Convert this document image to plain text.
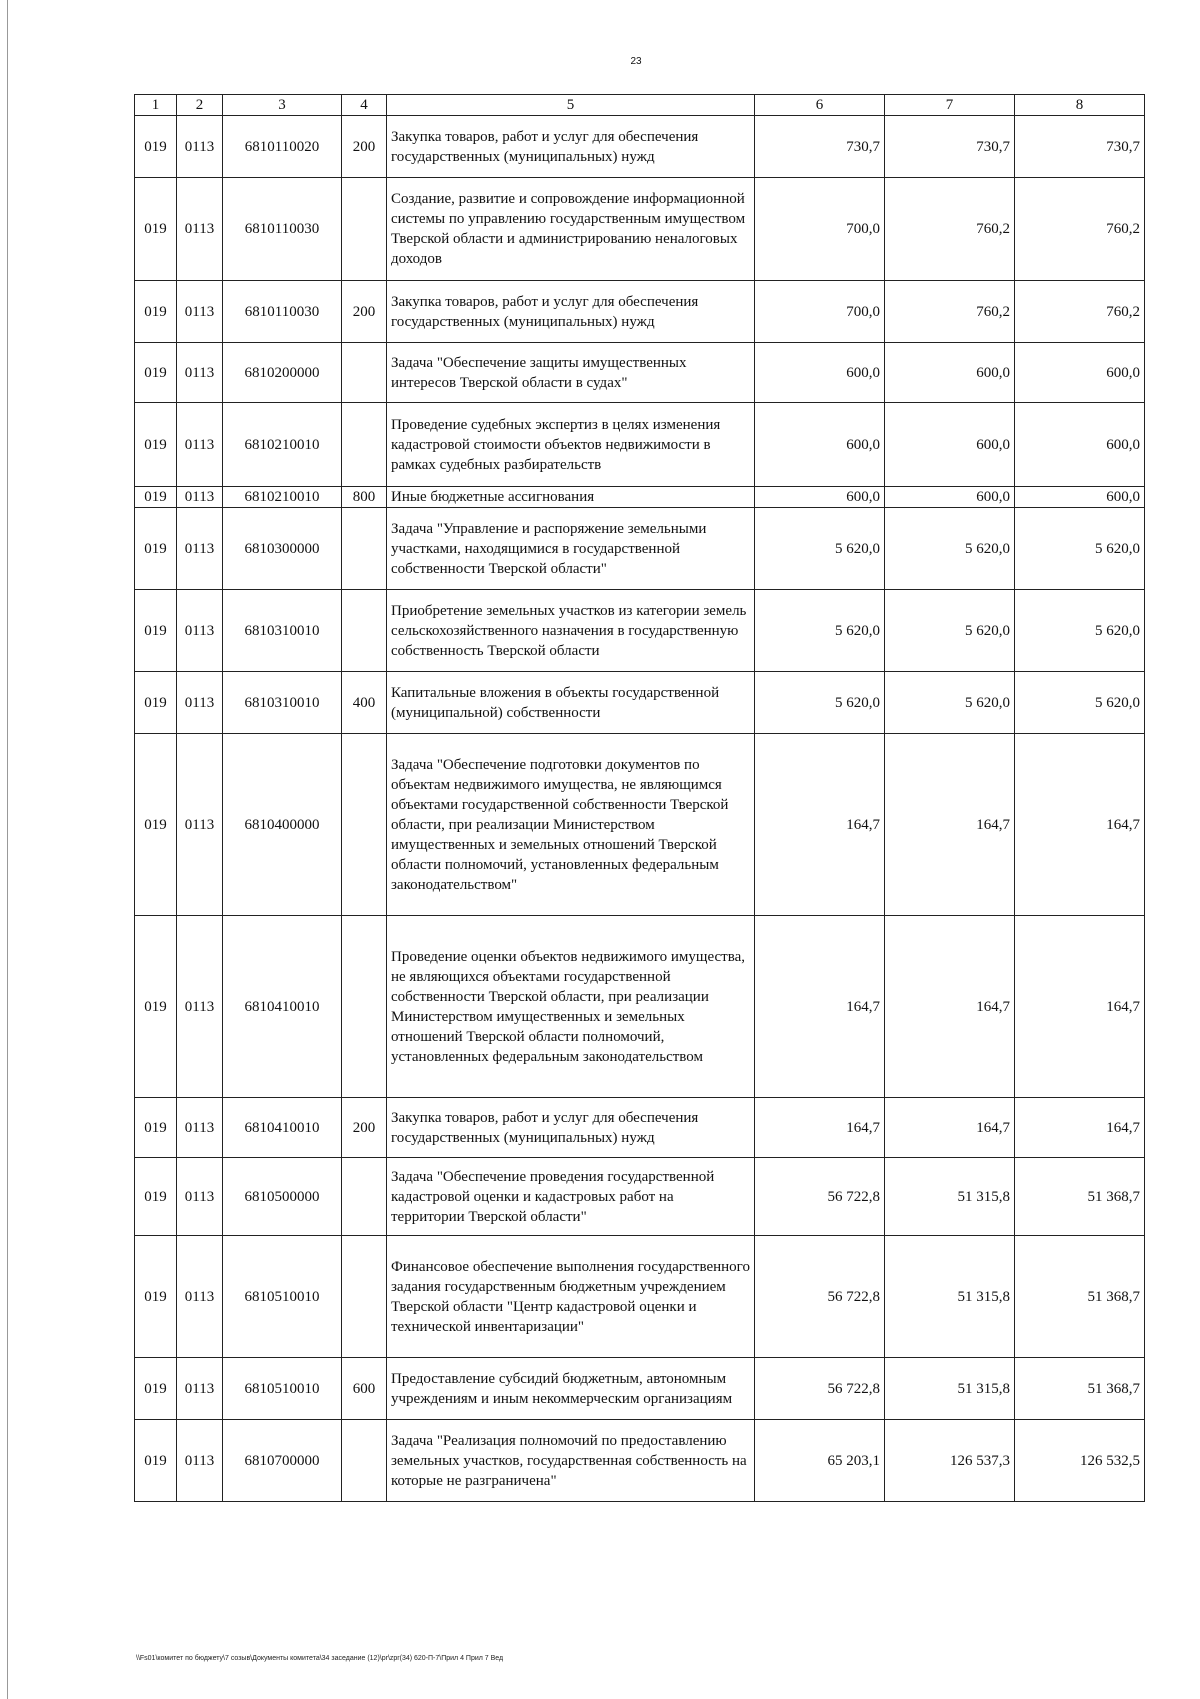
23
1	2	3	4	5	6	7	8
019	0113	6810110020	200	Закупка товаров, работ и услуг для обеспечения государственных (муниципальных) нужд	730,7	730,7	730,7
019	0113	6810110030		Создание, развитие и сопровождение информационной системы по управлению государственным имуществом Тверской области и администрированию неналоговых доходов	700,0	760,2	760,2
019	0113	6810110030	200	Закупка товаров, работ и услуг для обеспечения государственных (муниципальных) нужд	700,0	760,2	760,2
019	0113	6810200000		Задача "Обеспечение защиты имущественных интересов Тверской области в судах"	600,0	600,0	600,0
019	0113	6810210010		Проведение судебных экспертиз в целях изменения кадастровой стоимости объектов недвижимости в рамках судебных разбирательств	600,0	600,0	600,0
019	0113	6810210010	800	Иные бюджетные ассигнования	600,0	600,0	600,0
019	0113	6810300000		Задача "Управление и распоряжение земельными участками, находящимися в государственной собственности Тверской области"	5 620,0	5 620,0	5 620,0
019	0113	6810310010		Приобретение земельных участков из категории земель сельскохозяйственного назначения в государственную собственность Тверской области	5 620,0	5 620,0	5 620,0
019	0113	6810310010	400	Капитальные вложения в объекты государственной (муниципальной) собственности	5 620,0	5 620,0	5 620,0
019	0113	6810400000		Задача "Обеспечение подготовки документов по объектам недвижимого имущества, не являющимся объектами государственной собственности Тверской области, при реализации Министерством имущественных и земельных отношений Тверской области полномочий, установленных федеральным законодательством"	164,7	164,7	164,7
019	0113	6810410010		Проведение оценки объектов недвижимого имущества, не являющихся объектами государственной собственности Тверской области, при реализации Министерством имущественных и земельных отношений Тверской области полномочий, установленных федеральным законодательством	164,7	164,7	164,7
019	0113	6810410010	200	Закупка товаров, работ и услуг для обеспечения государственных (муниципальных) нужд	164,7	164,7	164,7
019	0113	6810500000		Задача "Обеспечение проведения государственной кадастровой оценки и кадастровых работ на территории Тверской области"	56 722,8	51 315,8	51 368,7
019	0113	6810510010		Финансовое обеспечение выполнения государственного задания государственным бюджетным учреждением Тверской области "Центр кадастровой оценки и технической инвентаризации"	56 722,8	51 315,8	51 368,7
019	0113	6810510010	600	Предоставление субсидий бюджетным, автономным учреждениям и иным некоммерческим организациям	56 722,8	51 315,8	51 368,7
019	0113	6810700000		Задача "Реализация полномочий по предоставлению земельных участков, государственная собственность на которые не разграничена"	65 203,1	126 537,3	126 532,5
\\Fs01\комитет по бюджету\7 созыв\Документы комитета\34 заседание (12)\pr\zpr(34) 620-П-7\Прил 4 Прил 7 Вед
